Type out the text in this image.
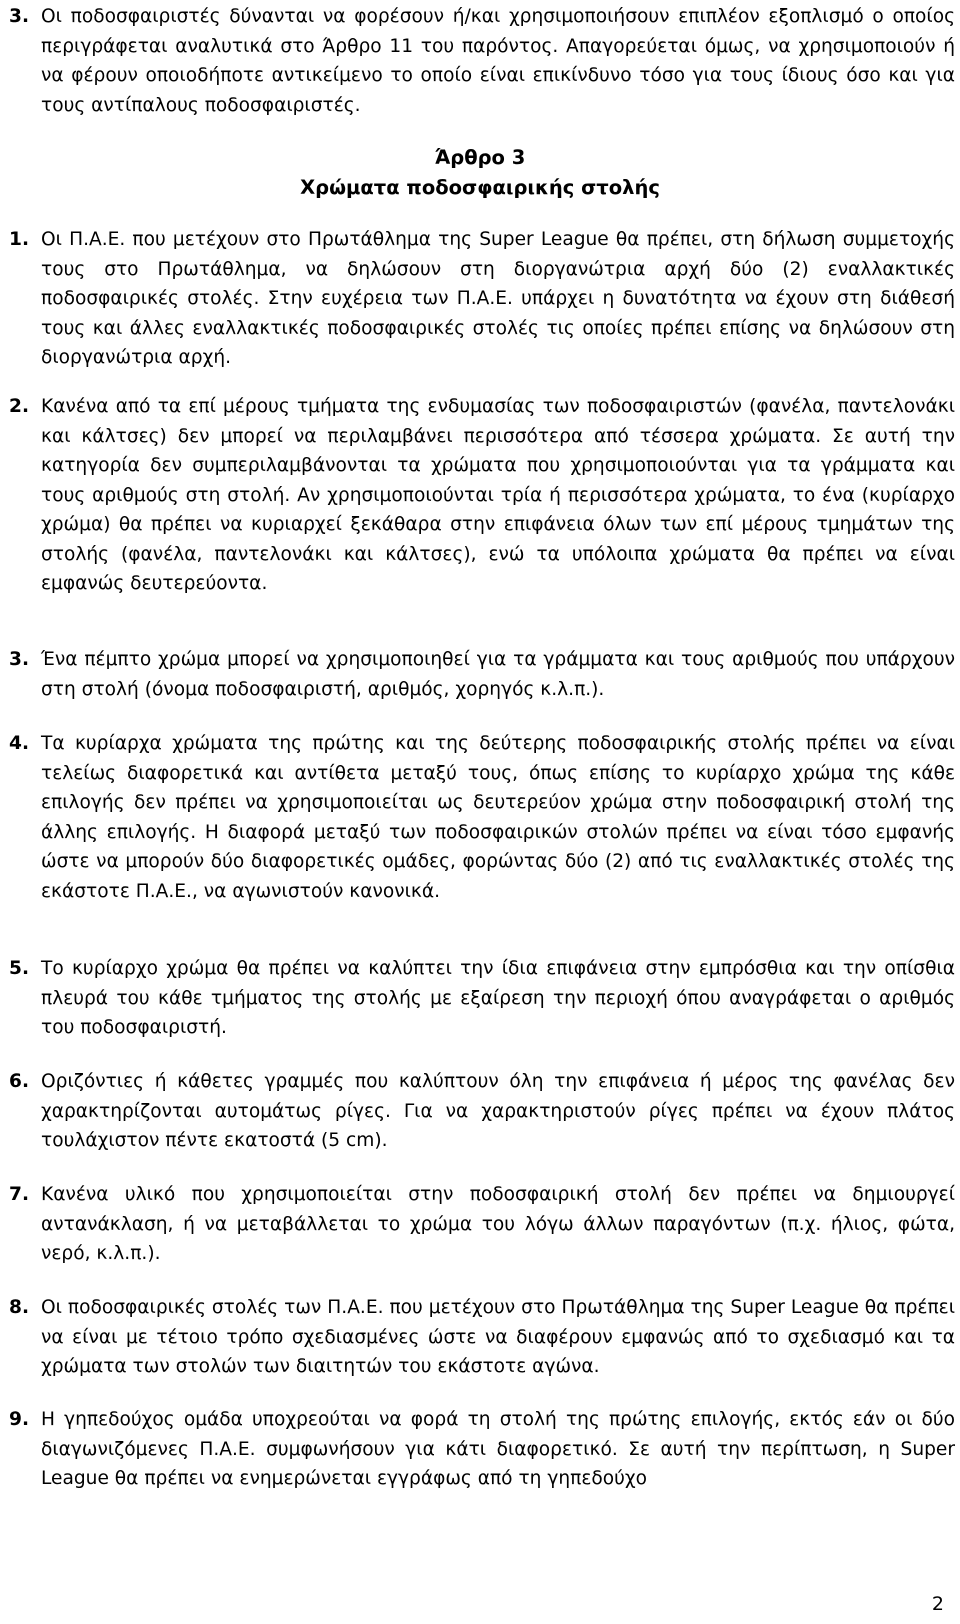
3. Οι ποδοσφαιριστές δύνανται να φορέσουν ή/και χρησιμοποιήσουν επιπλέον εξοπλισμό ο οποίος περιγράφεται αναλυτικά στο Άρθρο 11 του παρόντος. Απαγορεύεται όμως, να χρησιμοποιούν ή να φέρουν οποιοδήποτε αντικείμενο το οποίο είναι επικίνδυνο τόσο για τους ίδιους όσο και για τους αντίπαλους ποδοσφαιριστές.
Άρθρο 3
Χρώματα ποδοσφαιρικής στολής
1. Οι Π.Α.Ε. που μετέχουν στο Πρωτάθλημα της Super League θα πρέπει, στη δήλωση συμμετοχής τους στο Πρωτάθλημα, να δηλώσουν στη διοργανώτρια αρχή δύο (2) εναλλακτικές ποδοσφαιρικές στολές. Στην ευχέρεια των Π.Α.Ε. υπάρχει η δυνατότητα να έχουν στη διάθεσή τους και άλλες εναλλακτικές ποδοσφαιρικές στολές τις οποίες πρέπει επίσης να δηλώσουν στη διοργανώτρια αρχή.
2. Κανένα από τα επί μέρους τμήματα της ενδυμασίας των ποδοσφαιριστών (φανέλα, παντελονάκι και κάλτσες) δεν μπορεί να περιλαμβάνει περισσότερα από τέσσερα χρώματα. Σε αυτή την κατηγορία δεν συμπεριλαμβάνονται τα χρώματα που χρησιμοποιούνται για τα γράμματα και τους αριθμούς στη στολή. Αν χρησιμοποιούνται τρία ή περισσότερα χρώματα, το ένα (κυρίαρχο χρώμα) θα πρέπει να κυριαρχεί ξεκάθαρα στην επιφάνεια όλων των επί μέρους τμημάτων της στολής (φανέλα, παντελονάκι και κάλτσες), ενώ τα υπόλοιπα χρώματα θα πρέπει να είναι εμφανώς δευτερεύοντα.
3. Ένα πέμπτο χρώμα μπορεί να χρησιμοποιηθεί για τα γράμματα και τους αριθμούς που υπάρχουν στη στολή (όνομα ποδοσφαιριστή, αριθμός, χορηγός κ.λ.π.).
4. Τα κυρίαρχα χρώματα της πρώτης και της δεύτερης ποδοσφαιρικής στολής πρέπει να είναι τελείως διαφορετικά και αντίθετα μεταξύ τους, όπως επίσης το κυρίαρχο χρώμα της κάθε επιλογής δεν πρέπει να χρησιμοποιείται ως δευτερεύον χρώμα στην ποδοσφαιρική στολή της άλλης επιλογής. Η διαφορά μεταξύ των ποδοσφαιρικών στολών πρέπει να είναι τόσο εμφανής ώστε να μπορούν δύο διαφορετικές ομάδες, φορώντας δύο (2) από τις εναλλακτικές στολές της εκάστοτε Π.Α.Ε., να αγωνιστούν κανονικά.
5. Το κυρίαρχο χρώμα θα πρέπει να καλύπτει την ίδια επιφάνεια στην εμπρόσθια και την οπίσθια πλευρά του κάθε τμήματος της στολής με εξαίρεση την περιοχή όπου αναγράφεται ο αριθμός του ποδοσφαιριστή.
6. Οριζόντιες ή κάθετες γραμμές που καλύπτουν όλη την επιφάνεια ή μέρος της φανέλας δεν χαρακτηρίζονται αυτομάτως ρίγες. Για να χαρακτηριστούν ρίγες πρέπει να έχουν πλάτος τουλάχιστον πέντε εκατοστά (5 cm).
7. Κανένα υλικό που χρησιμοποιείται στην ποδοσφαιρική στολή δεν πρέπει να δημιουργεί αντανάκλαση, ή να μεταβάλλεται το χρώμα του λόγω άλλων παραγόντων (π.χ. ήλιος, φώτα, νερό, κ.λ.π.).
8. Οι ποδοσφαιρικές στολές των Π.Α.Ε. που μετέχουν στο Πρωτάθλημα της Super League θα πρέπει να είναι με τέτοιο τρόπο σχεδιασμένες ώστε να διαφέρουν εμφανώς από το σχεδιασμό και τα χρώματα των στολών των διαιτητών του εκάστοτε αγώνα.
9. Η γηπεδούχος ομάδα υποχρεούται να φορά τη στολή της πρώτης επιλογής, εκτός εάν οι δύο διαγωνιζόμενες Π.Α.Ε. συμφωνήσουν για κάτι διαφορετικό. Σε αυτή την περίπτωση, η Super League θα πρέπει να ενημερώνεται εγγράφως από τη γηπεδούχο
2
